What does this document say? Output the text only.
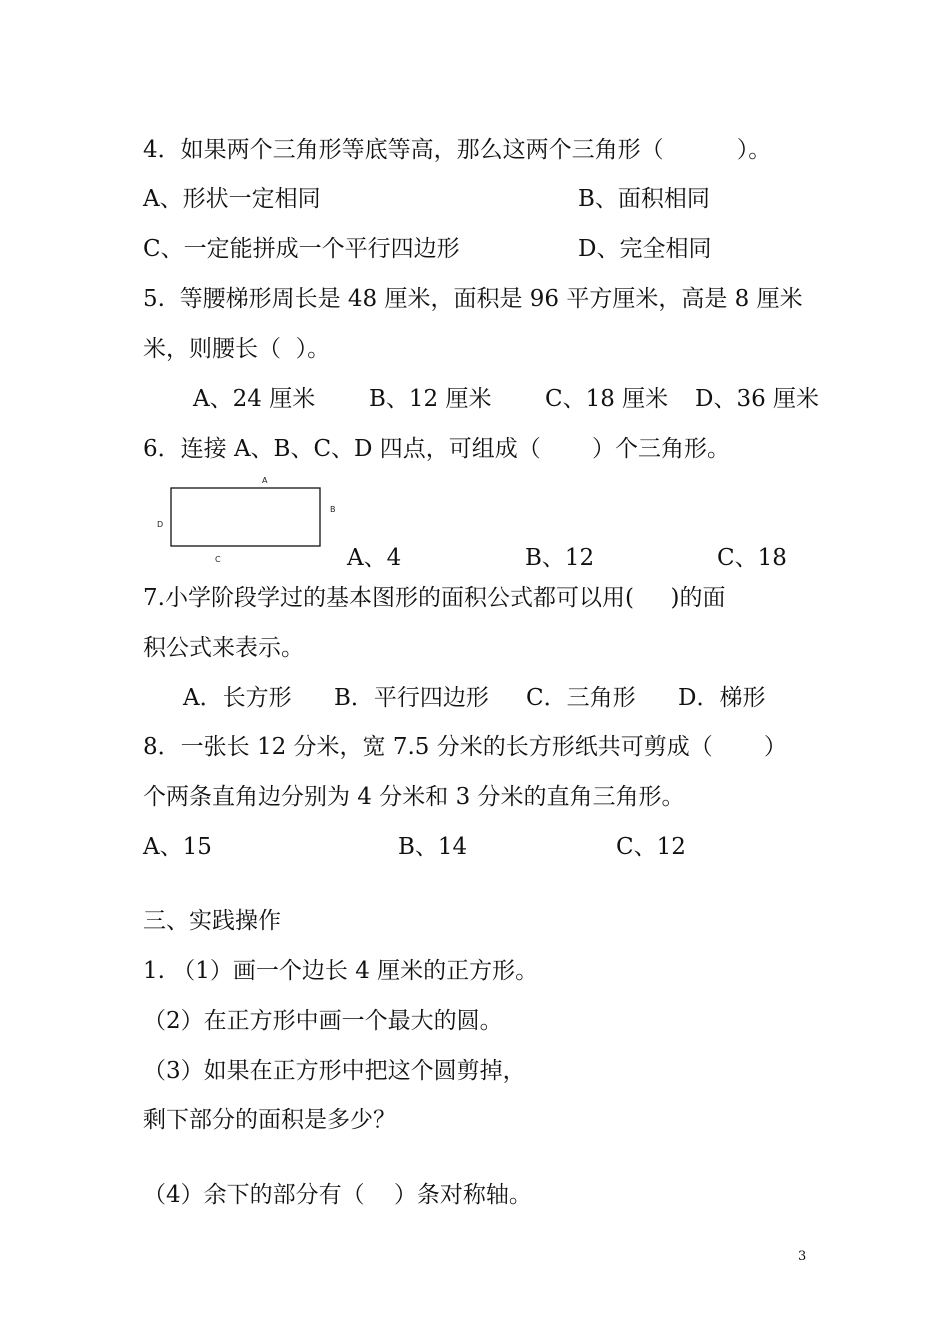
4．如果两个三角形等底等高，那么这两个三角形（          ）。
A、形状一定相同	B、面积相同
C、一定能拼成一个平行四边形	D、完全相同
5.  等腰梯形周长是 48 厘米，面积是 96 平方厘米，高是 8 厘米
米，则腰长（  ）。
A、24 厘米 B、12 厘米 C、18 厘米 D、36 厘米
6．连接 A、B、C、D 四点，可组成（       ）个三角形。
A
B
C
D
A、4	B、12	C、18
7.小学阶段学过的基本图形的面积公式都可以用(     )的面
积公式来表示。
A．长方形 B．平行四边形 C．三角形 D．梯形
8．一张长 12 分米，宽 7.5 分米的长方形纸共可剪成（       ）
个两条直角边分别为 4 分米和 3 分米的直角三角形。
A、15	B、14	C、12
三、实践操作
1. （1）画一个边长 4 厘米的正方形。
（2）在正方形中画一个最大的圆。
（3）如果在正方形中把这个圆剪掉，
剩下部分的面积是多少？
（4）余下的部分有（    ）条对称轴。
3
